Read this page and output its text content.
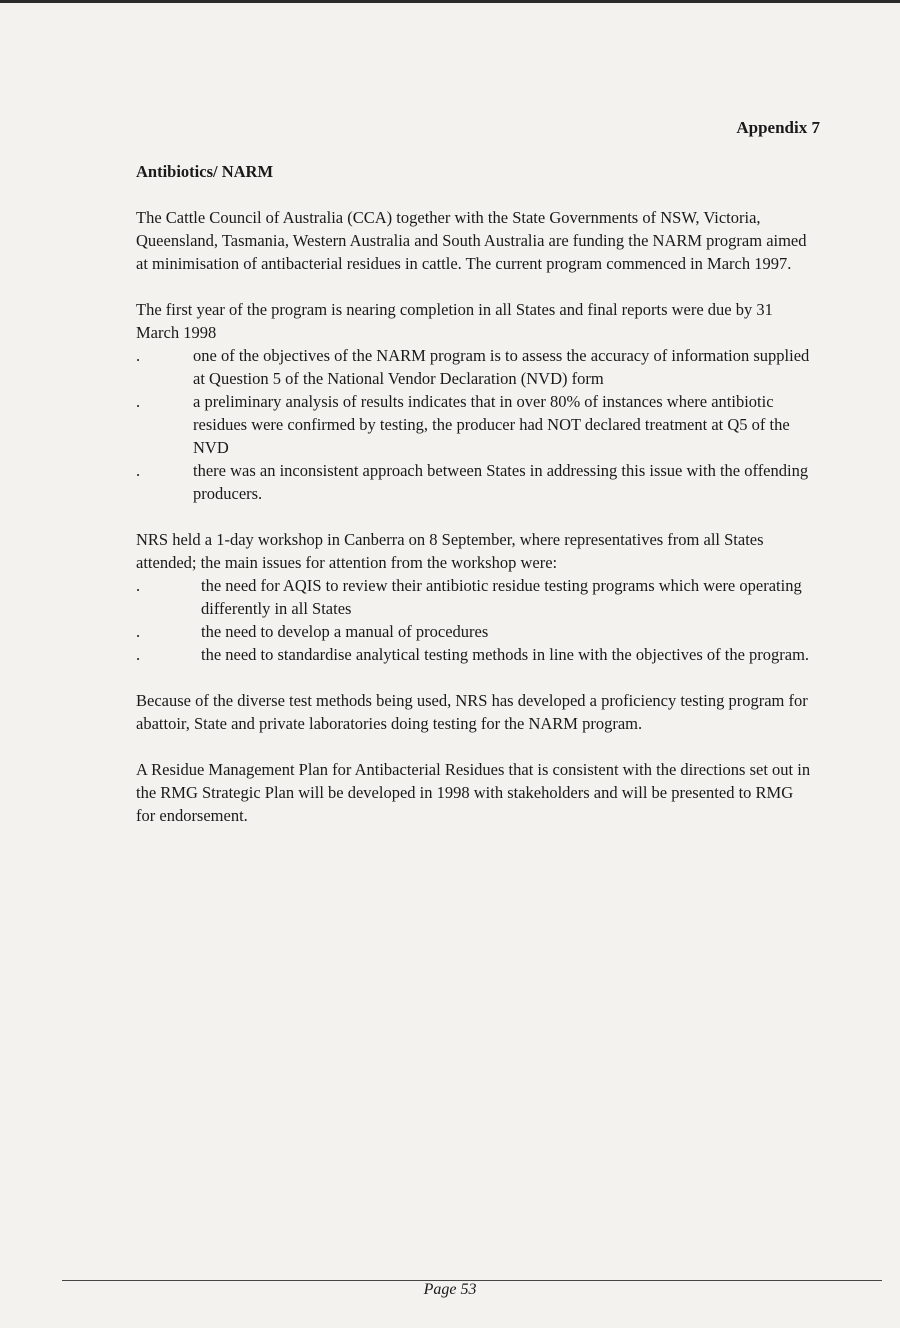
Appendix 7
Antibiotics/ NARM

The Cattle Council of Australia (CCA) together with the State Governments of NSW, Victoria, Queensland, Tasmania, Western Australia and South Australia are funding the NARM program aimed at minimisation of antibacterial residues in cattle. The current program commenced in March 1997.

The first year of the program is nearing completion in all States and final reports were due by 31 March 1998

.	one of the objectives of the NARM program is to assess the accuracy of information supplied at Question 5 of the National Vendor Declaration (NVD) form
.	a preliminary analysis of results indicates that in over 80% of instances where antibiotic residues were confirmed by testing, the producer had NOT declared treatment at Q5 of the NVD
.	there was an inconsistent approach between States in addressing this issue with the offending producers.

NRS held a 1-day workshop in Canberra on 8 September, where representatives from all States attended; the main issues for attention from the workshop were:

.	the need for AQIS to review their antibiotic residue testing programs which were operating differently in all States
.	the need to develop a manual of procedures
.	the need to standardise analytical testing methods in line with the objectives of the program.

Because of the diverse test methods being used, NRS has developed a proficiency testing program for abattoir, State and private laboratories doing testing for the NARM program.

A Residue Management Plan for Antibacterial Residues that is consistent with the directions set out in the RMG Strategic Plan will be developed in 1998 with stakeholders and will be presented to RMG for endorsement.

Page 53
